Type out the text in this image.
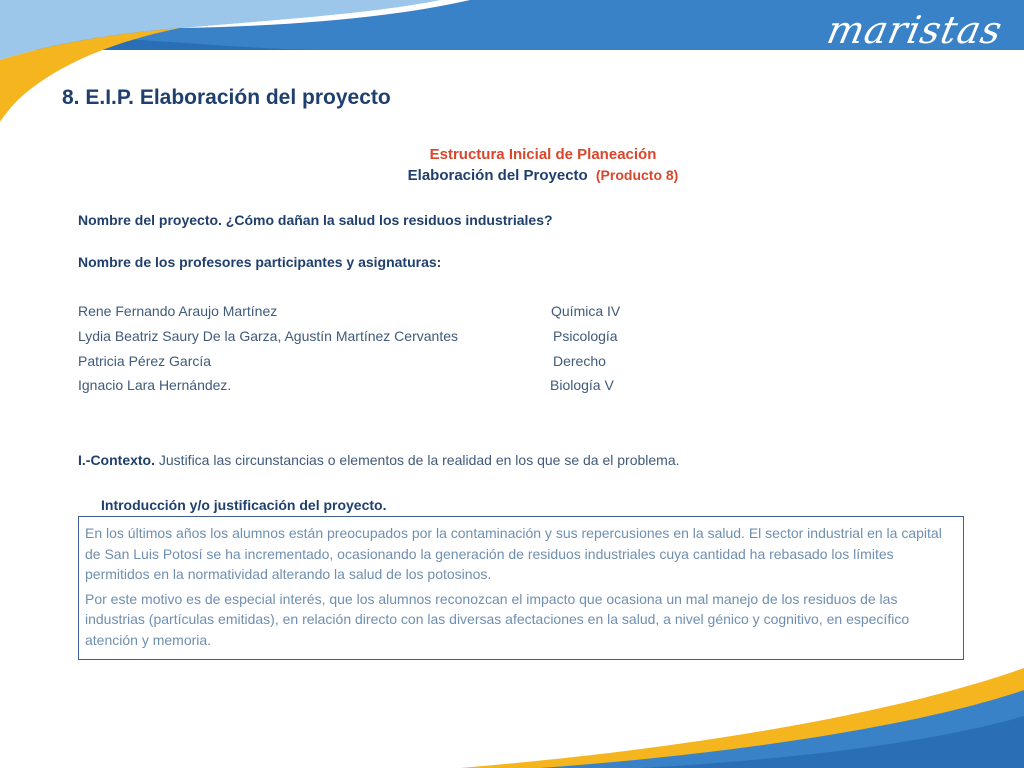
maristas
8. E.I.P. Elaboración del proyecto
Estructura Inicial de Planeación
Elaboración del Proyecto (Producto 8)
Nombre del proyecto. ¿Cómo dañan la salud los residuos industriales?
Nombre de los profesores participantes y asignaturas:
Rene Fernando Araujo Martínez	Química IV
Lydia Beatriz Saury De la Garza, Agustín Martínez Cervantes	Psicología
Patricia Pérez García	Derecho
Ignacio Lara Hernández.	Biología V
I.-Contexto. Justifica las circunstancias o elementos de la realidad en los que se da el problema.
Introducción y/o justificación del proyecto.

En los últimos años los alumnos están preocupados por la contaminación y sus repercusiones en la salud. El sector industrial en la capital de San Luis Potosí se ha incrementado, ocasionando la generación de residuos industriales cuya cantidad ha rebasado los límites permitidos en la normatividad alterando la salud de los potosinos.

Por este motivo es de especial interés, que los alumnos reconozcan el impacto que ocasiona un mal manejo de los residuos de las industrias (partículas emitidas), en relación directo con las diversas afectaciones en la salud, a nivel génico y cognitivo, en específico atención y memoria.
